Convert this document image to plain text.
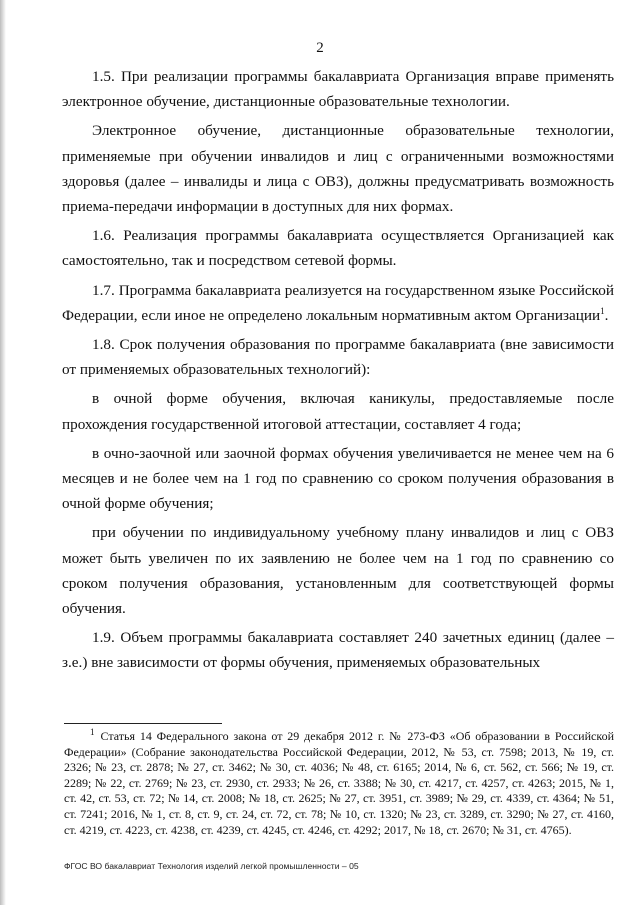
2

1.5. При реализации программы бакалавриата Организация вправе применять электронное обучение, дистанционные образовательные технологии.

Электронное обучение, дистанционные образовательные технологии, применяемые при обучении инвалидов и лиц с ограниченными возможностями здоровья (далее – инвалиды и лица с ОВЗ), должны предусматривать возможность приема-передачи информации в доступных для них формах.

1.6. Реализация программы бакалавриата осуществляется Организацией как самостоятельно, так и посредством сетевой формы.

1.7. Программа бакалавриата реализуется на государственном языке Российской Федерации, если иное не определено локальным нормативным актом Организации$^1$.

1.8. Срок получения образования по программе бакалавриата (вне зависимости от применяемых образовательных технологий):

в очной форме обучения, включая каникулы, предоставляемые после прохождения государственной итоговой аттестации, составляет 4 года;

в очно-заочной или заочной формах обучения увеличивается не менее чем на 6 месяцев и не более чем на 1 год по сравнению со сроком получения образования в очной форме обучения;

при обучении по индивидуальному учебному плану инвалидов и лиц с ОВЗ может быть увеличен по их заявлению не более чем на 1 год по сравнению со сроком получения образования, установленным для соответствующей формы обучения.

1.9. Объем программы бакалавриата составляет 240 зачетных единиц (далее – з.е.) вне зависимости от формы обучения, применяемых образовательных

$^1$ Статья 14 Федерального закона от 29 декабря 2012 г. № 273-ФЗ «Об образовании в Российской Федерации» (Собрание законодательства Российской Федерации, 2012, № 53, ст. 7598; 2013, № 19, ст. 2326; № 23, ст. 2878; № 27, ст. 3462; № 30, ст. 4036; № 48, ст. 6165; 2014, № 6, ст. 562, ст. 566; № 19, ст. 2289; № 22, ст. 2769; № 23, ст. 2930, ст. 2933; № 26, ст. 3388; № 30, ст. 4217, ст. 4257, ст. 4263; 2015, № 1, ст. 42, ст. 53, ст. 72; № 14, ст. 2008; № 18, ст. 2625; № 27, ст. 3951, ст. 3989; № 29, ст. 4339, ст. 4364; № 51, ст. 7241; 2016, № 1, ст. 8, ст. 9, ст. 24, ст. 72, ст. 78; № 10, ст. 1320; № 23, ст. 3289, ст. 3290; № 27, ст. 4160, ст. 4219, ст. 4223, ст. 4238, ст. 4239, ст. 4245, ст. 4246, ст. 4292; 2017, № 18, ст. 2670; № 31, ст. 4765).
ФГОС ВО бакалавриат Технология изделий легкой промышленности – 05
